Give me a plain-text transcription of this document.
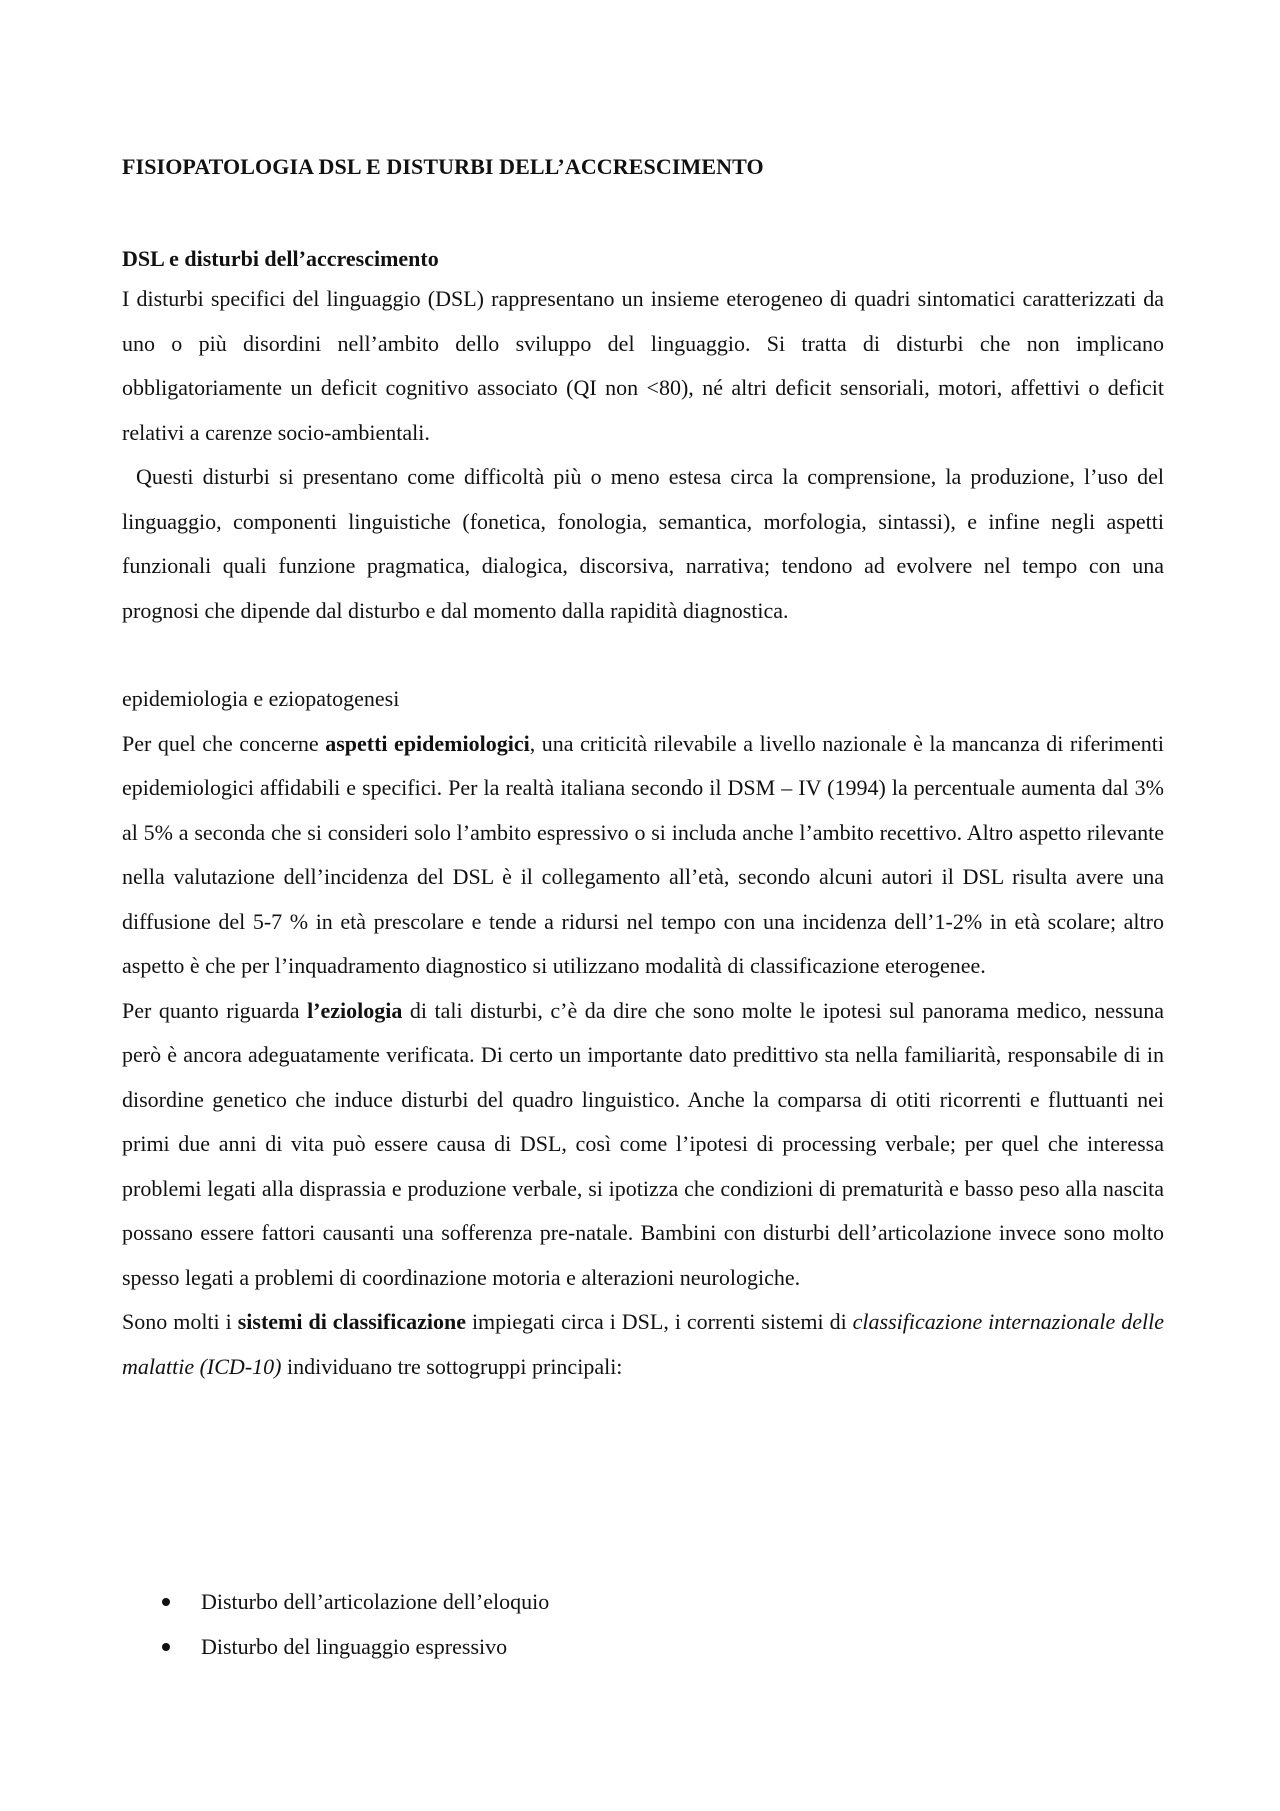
FISIOPATOLOGIA DSL E DISTURBI DELL’ACCRESCIMENTO
DSL e disturbi dell’accrescimento

I disturbi specifici del linguaggio (DSL) rappresentano un insieme eterogeneo di quadri sintomatici caratterizzati da uno o più disordini nell’ambito dello sviluppo del linguaggio. Si tratta di disturbi che non implicano obbligatoriamente un deficit cognitivo associato (QI non <80), né altri deficit sensoriali, motori, affettivi o deficit relativi a carenze socio-ambientali.

Questi disturbi si presentano come difficoltà più o meno estesa circa la comprensione, la produzione, l’uso del linguaggio, componenti linguistiche (fonetica, fonologia, semantica, morfologia, sintassi), e infine negli aspetti funzionali quali funzione pragmatica, dialogica, discorsiva, narrativa; tendono ad evolvere nel tempo con una prognosi che dipende dal disturbo e dal momento dalla rapidità diagnostica.

epidemiologia e eziopatogenesi

Per quel che concerne aspetti epidemiologici, una criticità rilevabile a livello nazionale è la mancanza di riferimenti epidemiologici affidabili e specifici. Per la realtà italiana secondo il DSM – IV (1994) la percentuale aumenta dal 3% al 5% a seconda che si consideri solo l’ambito espressivo o si includa anche l’ambito recettivo. Altro aspetto rilevante nella valutazione dell’incidenza del DSL è il collegamento all’età, secondo alcuni autori il DSL risulta avere una diffusione del 5-7 % in età prescolare e tende a ridursi nel tempo con una incidenza dell’1-2% in età scolare; altro aspetto è che per l’inquadramento diagnostico si utilizzano modalità di classificazione eterogenee.

Per quanto riguarda l’eziologia di tali disturbi, c’è da dire che sono molte le ipotesi sul panorama medico, nessuna però è ancora adeguatamente verificata. Di certo un importante dato predittivo sta nella familiarità, responsabile di in disordine genetico che induce disturbi del quadro linguistico. Anche la comparsa di otiti ricorrenti e fluttuanti nei primi due anni di vita può essere causa di DSL, così come l’ipotesi di processing verbale; per quel che interessa problemi legati alla disprassia e produzione verbale, si ipotizza che condizioni di prematurità e basso peso alla nascita possano essere fattori causanti una sofferenza pre-natale. Bambini con disturbi dell’articolazione invece sono molto spesso legati a problemi di coordinazione motoria e alterazioni neurologiche.

Sono molti i sistemi di classificazione impiegati circa i DSL, i correnti sistemi di classificazione internazionale delle malattie (ICD-10) individuano tre sottogruppi principali:

Disturbo dell’articolazione dell’eloquio
Disturbo del linguaggio espressivo
